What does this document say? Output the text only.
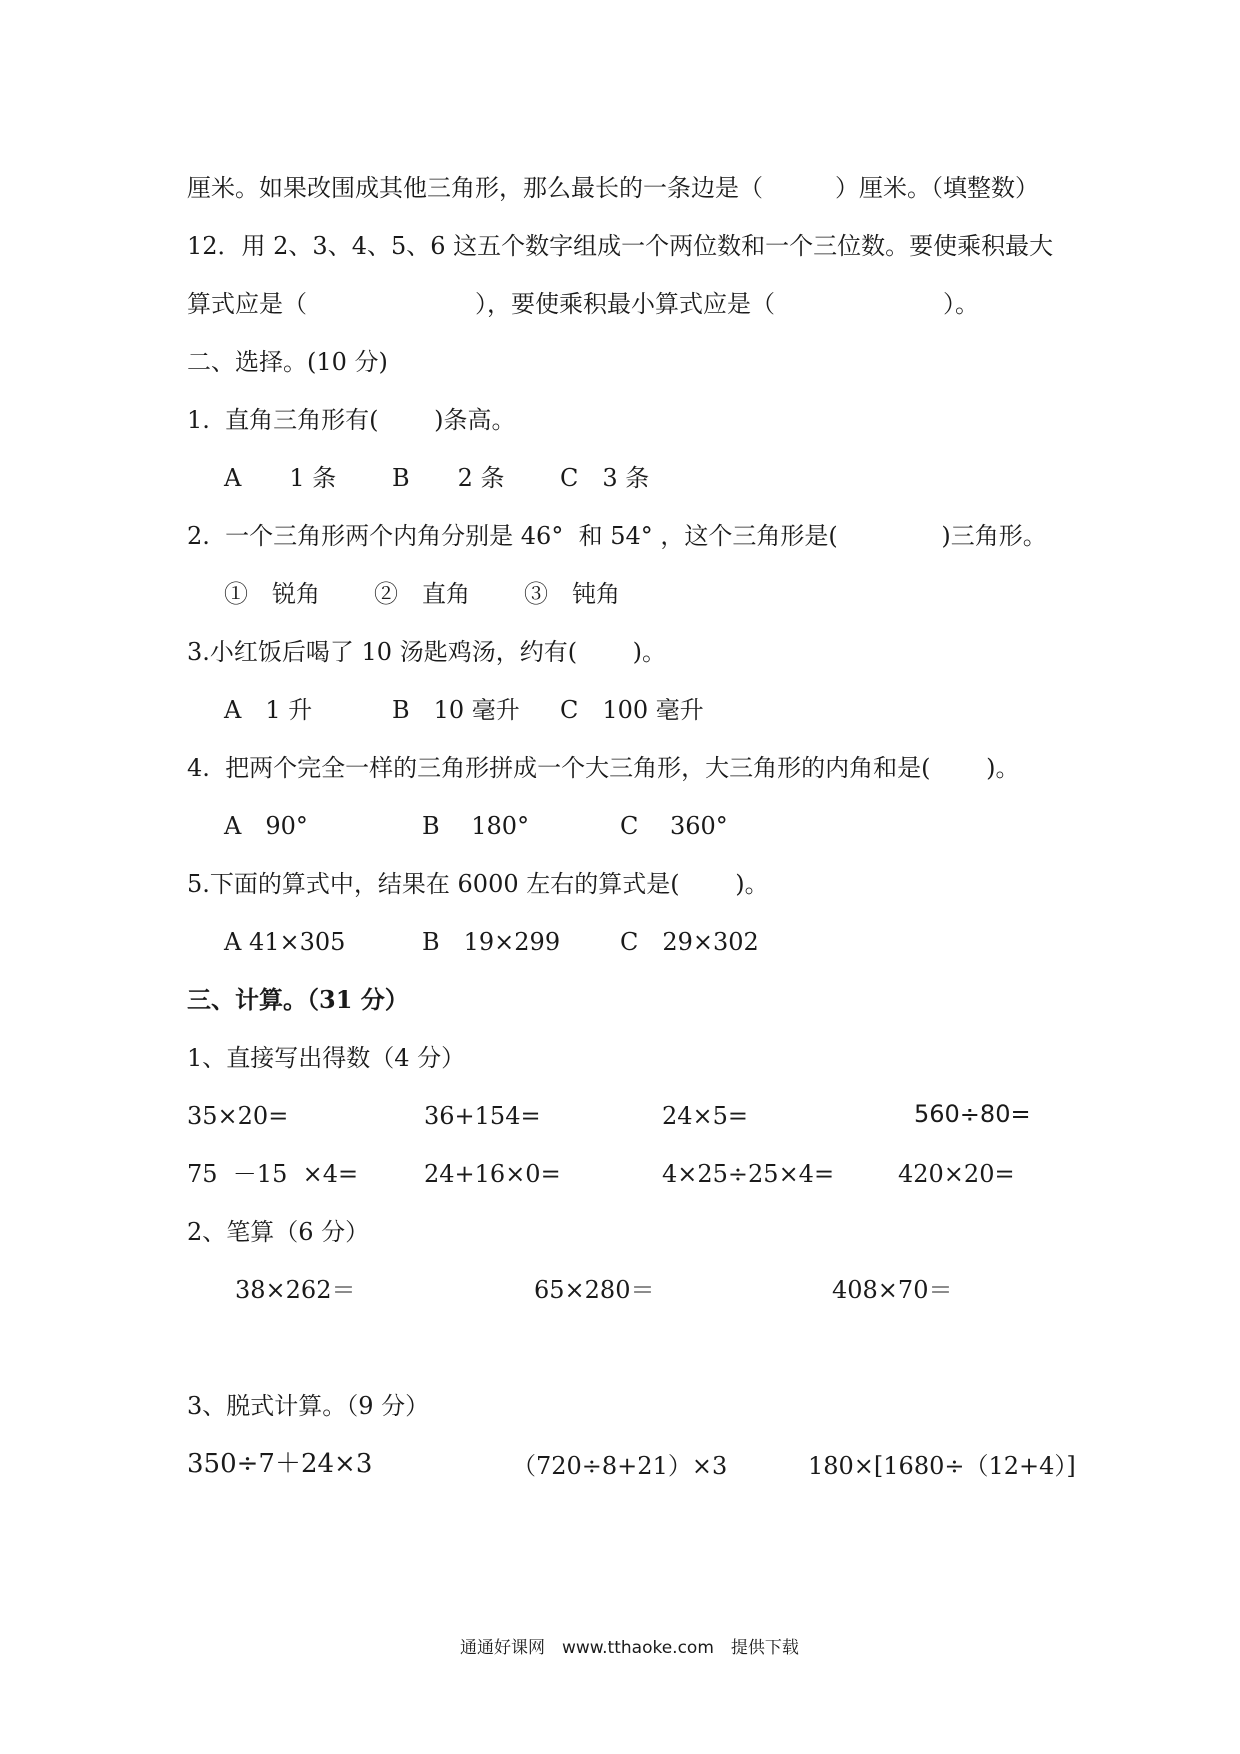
厘米。如果改围成其他三角形，那么最长的一条边是（　　　）厘米。（填整数）
12．用 2、3、4、5、6 这五个数字组成一个两位数和一个三位数。要使乘积最大
算式应是（　　　　　　　），要使乘积最小算式应是（　　　　　　　）。
二、选择。(10 分)
1.  直角三角形有(　　 )条高。
A　　1 条 B　　2 条 C　3 条
2.  一个三角形两个内角分别是 46°  和 54° ，这个三角形是(　　　　 )三角形。
①　锐角 ②　直角 ③　钝角
3.小红饭后喝了 10 汤匙鸡汤，约有(　　 )。
A　1 升	B　10 毫升 C　100 毫升
4.  把两个完全一样的三角形拼成一个大三角形，大三角形的内角和是(　　 )。
A　90°	B　 180°	C　 360°
5.下面的算式中，结果在 6000 左右的算式是(　　 )。
A 41×305	B　19×299 C　29×302
三、计算。（31 分）
1、直接写出得数（4 分）
35×20=	36+154=	24×5=	560÷80=
75  －15  ×4=	24+16×0=	4×25÷25×4=	420×20=
2、笔算（6 分）
38×262＝	65×280＝	408×70＝
3、脱式计算。（9 分）
350÷7＋24×3	（720÷8+21）×3	180×[1680÷（12+4）]
通通好课网　www.tthaoke.com　提供下载
